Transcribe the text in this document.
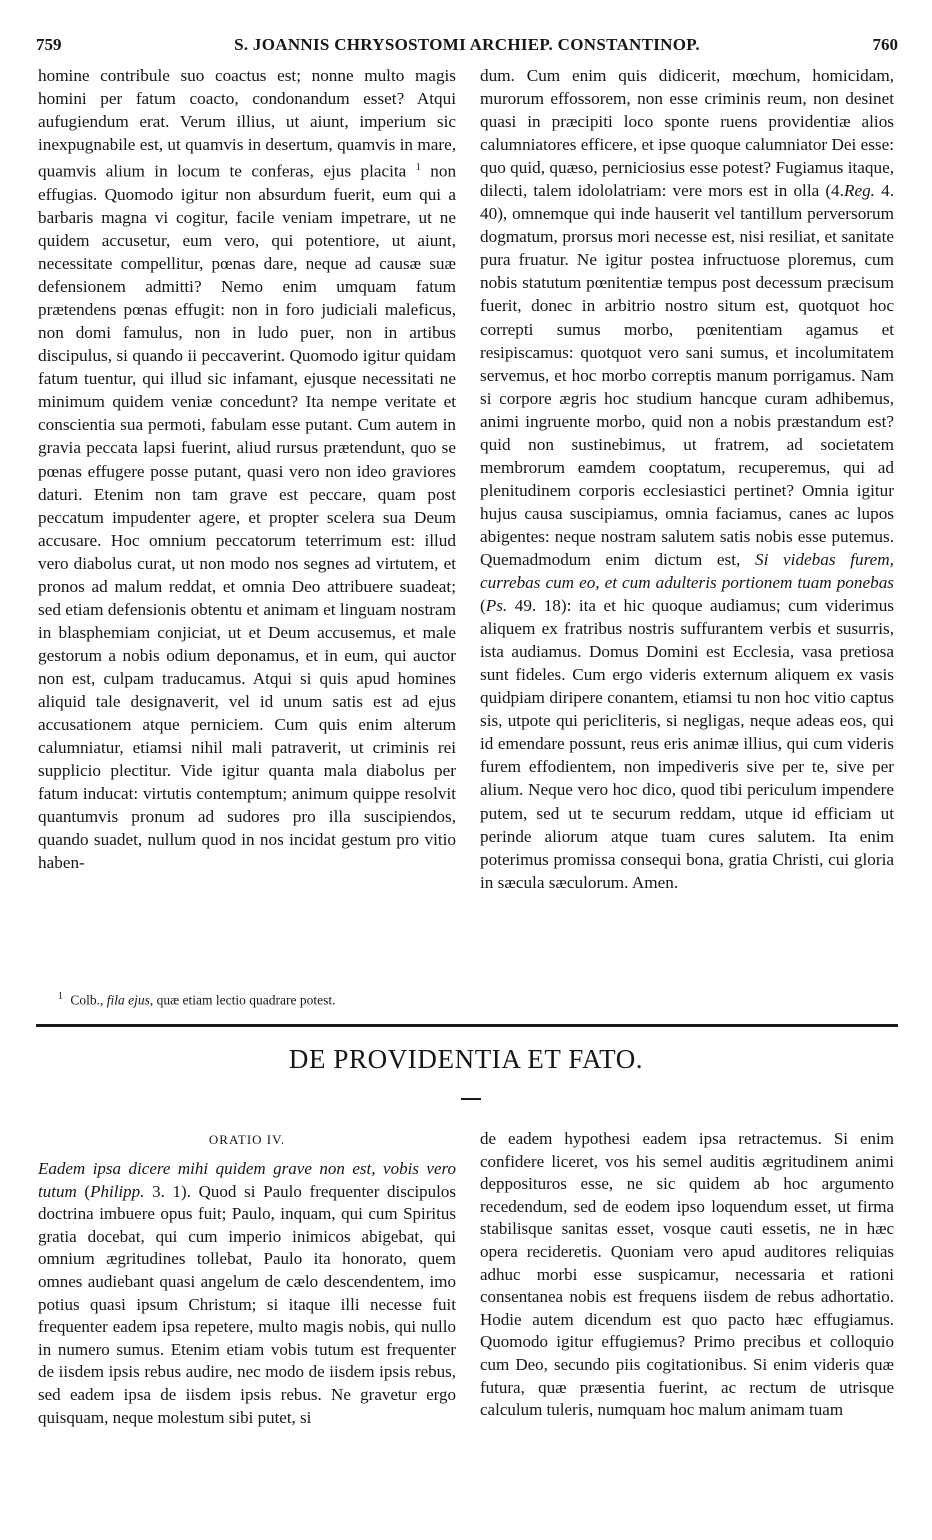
759	S. JOANNIS CHRYSOSTOMI ARCHIEP. CONSTANTINOP.	760

homine contribule suo coactus est; nonne multo magis homini per fatum coacto, condonandum esset? Atqui aufugiendum erat. Verum illius, ut aiunt, imperium sic inexpugnabile est, ut quamvis in desertum, quamvis in mare, quamvis alium in locum te conferas, ejus placita $^1$ non effugias. Quomodo igitur non absurdum fuerit, eum qui a barbaris magna vi cogitur, facile veniam impetrare, ut ne quidem accusetur, eum vero, qui potentiore, ut aiunt, necessitate compellitur, pœnas dare, neque ad causæ suæ defensionem admitti? Nemo enim umquam fatum prætendens pœnas effugit: non in foro judiciali maleficus, non domi famulus, non in ludo puer, non in artibus discipulus, si quando ii peccaverint. Quomodo igitur quidam fatum tuentur, qui illud sic infamant, ejusque necessitati ne minimum quidem veniæ concedunt? Ita nempe veritate et conscientia sua permoti, fabulam esse putant. Cum autem in gravia peccata lapsi fuerint, aliud rursus prætendunt, quo se pœnas effugere posse putant, quasi vero non ideo graviores daturi. Etenim non tam grave est peccare, quam post peccatum impudenter agere, et propter scelera sua Deum accusare. Hoc omnium peccatorum teterrimum est: illud vero diabolus curat, ut non modo nos segnes ad virtutem, et pronos ad malum reddat, et omnia Deo attribuere suadeat; sed etiam defensionis obtentu et animam et linguam nostram in blasphemiam conjiciat, ut et Deum accusemus, et male gestorum a nobis odium deponamus, et in eum, qui auctor non est, culpam traducamus. Atqui si quis apud homines aliquid tale designaverit, vel id unum satis est ad ejus accusationem atque perniciem. Cum quis enim alterum calumniatur, etiamsi nihil mali patraverit, ut criminis rei supplicio plectitur. Vide igitur quanta mala diabolus per fatum inducat: virtutis contemptum; animum quippe resolvit quantumvis pronum ad sudores pro illa suscipiendos, quando suadet, nullum quod in nos incidat gestum pro vitio haben-

dum. Cum enim quis didicerit, mœchum, homicidam, murorum effossorem, non esse criminis reum, non desinet quasi in præcipiti loco sponte ruens providentiæ alios calumniatores efficere, et ipse quoque calumniator Dei esse: quo quid, quæso, perniciosius esse potest? Fugiamus itaque, dilecti, talem idololatriam: vere mors est in olla (4.Reg. 4. 40), omnemque qui inde hauserit vel tantillum perversorum dogmatum, prorsus mori necesse est, nisi resiliat, et sanitate pura fruatur. Ne igitur postea infructuose ploremus, cum nobis statutum pœnitentiæ tempus post decessum præcisum fuerit, donec in arbitrio nostro situm est, quotquot hoc correpti sumus morbo, pœnitentiam agamus et resipiscamus: quotquot vero sani sumus, et incolumitatem servemus, et hoc morbo correptis manum porrigamus. Nam si corpore ægris hoc studium hancque curam adhibemus, animi ingruente morbo, quid non a nobis præstandum est? quid non sustinebimus, ut fratrem, ad societatem membrorum eamdem cooptatum, recuperemus, qui ad plenitudinem corporis ecclesiastici pertinet? Omnia igitur hujus causa suscipiamus, omnia faciamus, canes ac lupos abigentes: neque nostram salutem satis nobis esse putemus. Quemadmodum enim dictum est, Si videbas furem, currebas cum eo, et cum adulteris portionem tuam ponebas (Ps. 49. 18): ita et hic quoque audiamus; cum viderimus aliquem ex fratribus nostris suffurantem verbis et susurris, ista audiamus. Domus Domini est Ecclesia, vasa pretiosa sunt fideles. Cum ergo videris externum aliquem ex vasis quidpiam diripere conantem, etiamsi tu non hoc vitio captus sis, utpote qui pericliteris, si negligas, neque adeas eos, qui id emendare possunt, reus eris animæ illius, qui cum videris furem effodientem, non impediveris sive per te, sive per alium. Neque vero hoc dico, quod tibi periculum impendere putem, sed ut te securum reddam, utque id efficiam ut perinde aliorum atque tuam cures salutem. Ita enim poterimus promissa consequi bona, gratia Christi, cui gloria in sæcula sæculorum. Amen.

$^1$ Colb., fila ejus, quæ etiam lectio quadrare potest.
DE PROVIDENTIA ET FATO.
ORATIO IV.

Eadem ipsa dicere mihi quidem grave non est, vobis vero tutum (Philipp. 3. 1). Quod si Paulo frequenter discipulos doctrina imbuere opus fuit; Paulo, inquam, qui cum Spiritus gratia docebat, qui cum imperio inimicos abigebat, qui omnium ægritudines tollebat, Paulo ita honorato, quem omnes audiebant quasi angelum de cælo descendentem, imo potius quasi ipsum Christum; si itaque illi necesse fuit frequenter eadem ipsa repetere, multo magis nobis, qui nullo in numero sumus. Etenim etiam vobis tutum est frequenter de iisdem ipsis rebus audire, nec modo de iisdem ipsis rebus, sed eadem ipsa de iisdem ipsis rebus. Ne gravetur ergo quisquam, neque molestum sibi putet, si

de eadem hypothesi eadem ipsa retractemus. Si enim confidere liceret, vos his semel auditis ægritudinem animi depposituros esse, ne sic quidem ab hoc argumento recedendum, sed de eodem ipso loquendum esset, ut firma stabilisque sanitas esset, vosque cauti essetis, ne in hæc opera recideretis. Quoniam vero apud auditores reliquias adhuc morbi esse suspicamur, necessaria et rationi consentanea nobis est frequens iisdem de rebus adhortatio. Hodie autem dicendum est quo pacto hæc effugiamus. Quomodo igitur effugiemus? Primo precibus et colloquio cum Deo, secundo piis cogitationibus. Si enim videris quæ futura, quæ præsentia fuerint, ac rectum de utrisque calculum tuleris, numquam hoc malum animam tuam
